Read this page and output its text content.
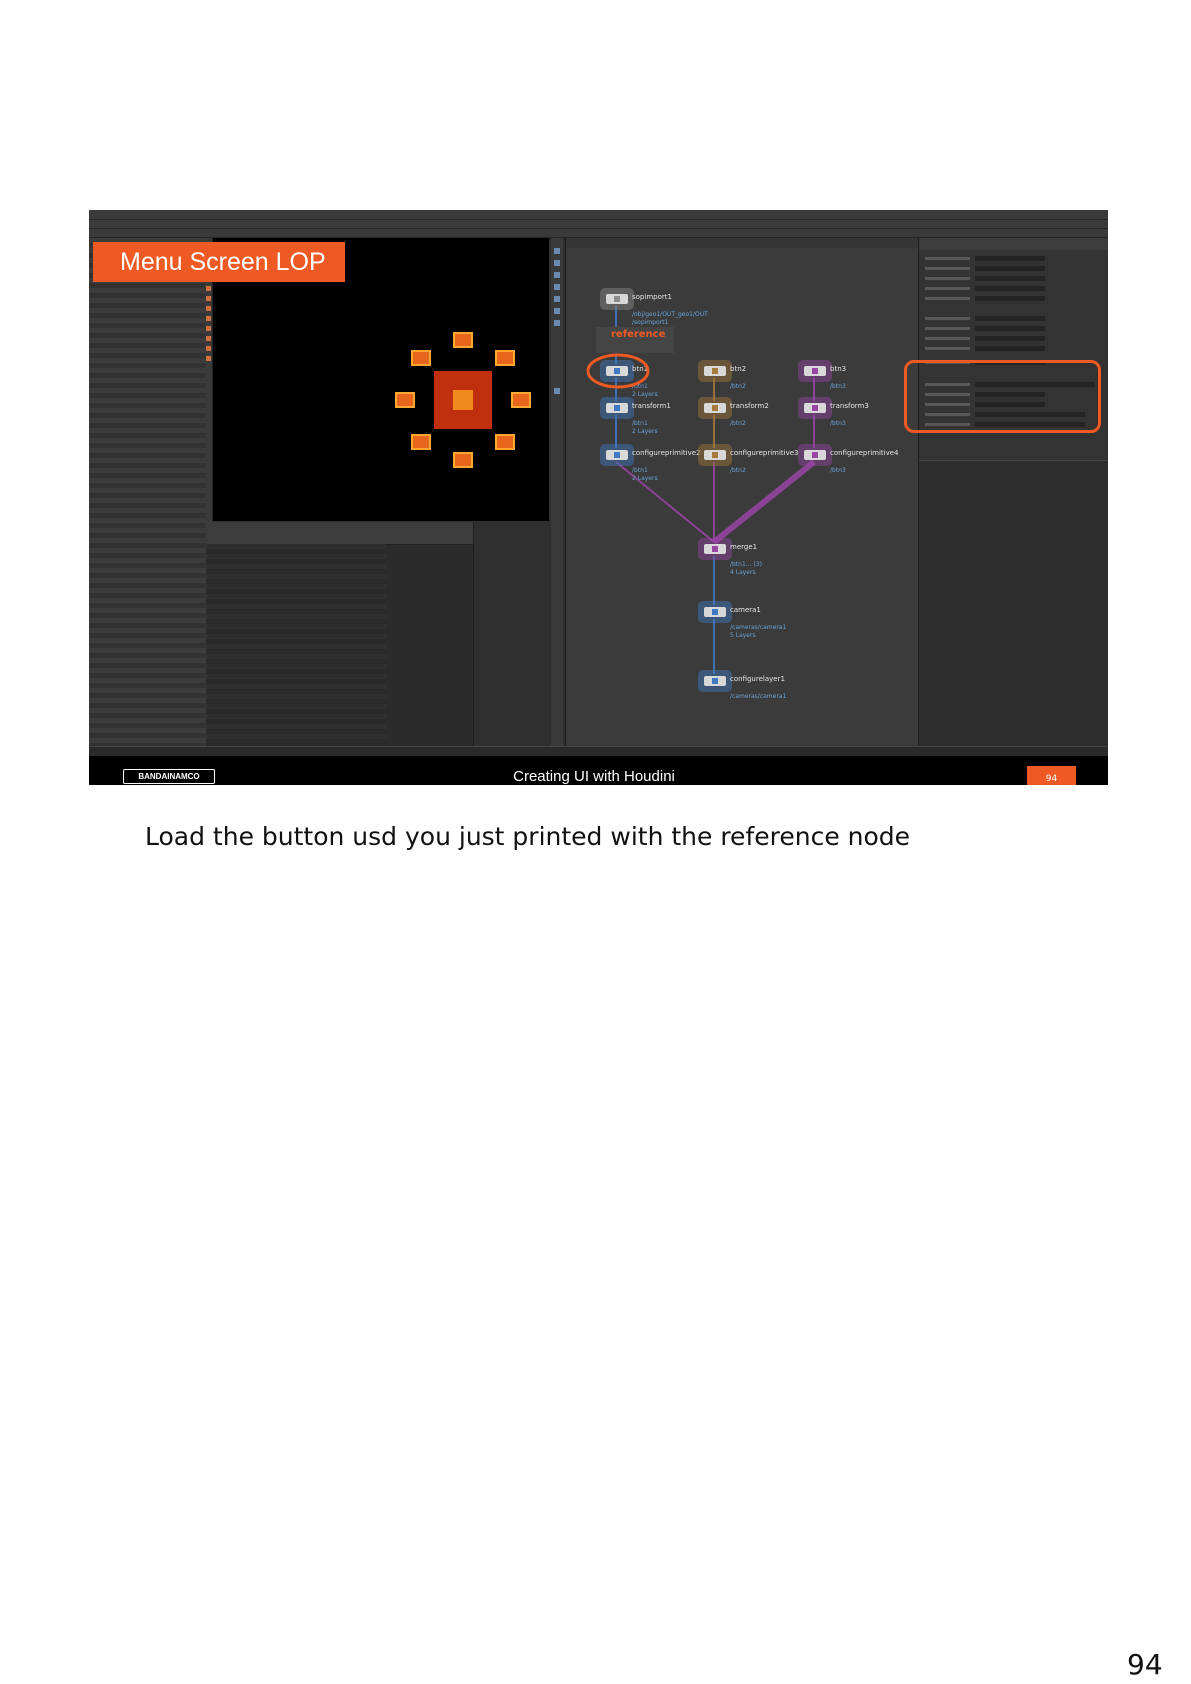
Menu Screen LOP
reference
sopimport1
/obj/geo1/OUT_geo1/OUT
/sopimport1
btn1
/btn1
2 Layers
btn2
/btn2
btn3
/btn3
transform1
/btn1
2 Layers
transform2
/btn2
transform3
/btn3
configureprimitive2
/btn1
2 Layers
configureprimitive3
/btn2
configureprimitive4
/btn3
merge1
/btn1... (3)
4 Layers
camera1
/cameras/camera1
5 Layers
configurelayer1
/cameras/camera1
BANDAINAMCO	Creating UI with Houdini	94
Load the button usd you just printed with the reference node
94
